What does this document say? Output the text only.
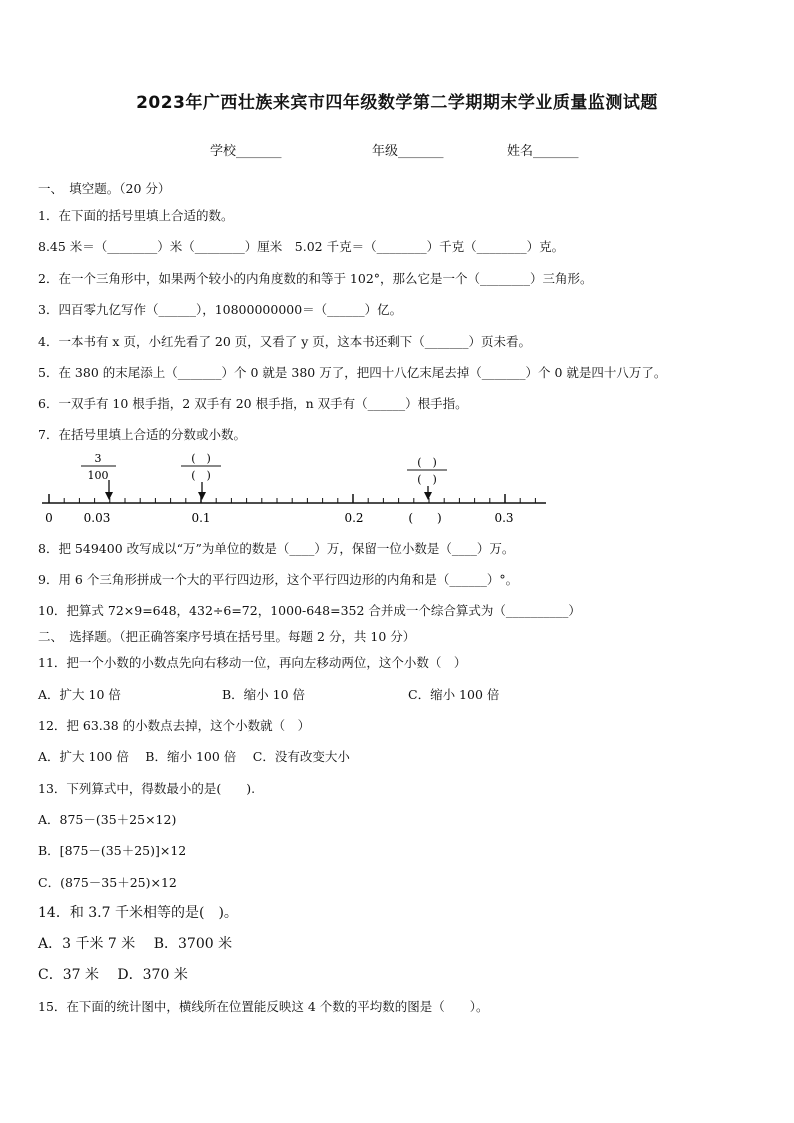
2023年广西壮族来宾市四年级数学第二学期期末学业质量监测试题
学校_______	年级_______	姓名_______
一、　填空题。（20 分）
1．在下面的括号里填上合适的数。
8.45 米＝（________）米（________）厘米　5.02 千克＝（________）千克（________）克。
2．在一个三角形中，如果两个较小的内角度数的和等于 102°，那么它是一个（________）三角形。
3．四百零九亿写作（______），10800000000＝（______）亿。
4．一本书有 x 页，小红先看了 20 页，又看了 y 页，这本书还剩下（_______）页未看。
5．在 380 的末尾添上（_______）个 0 就是 380 万了，把四十八亿末尾去掉（_______）个 0 就是四十八万了。
6．一双手有 10 根手指，2 双手有 20 根手指，n 双手有（______）根手指。
7．在括号里填上合适的分数或小数。
3
100
(　)
(　)
(　)
(　)
0	0.03	0.1	0.2	(　　)	0.3
8．把 549400 改写成以“万”为单位的数是（____）万，保留一位小数是（____）万。
9．用 6 个三角形拼成一个大的平行四边形，这个平行四边形的内角和是（______）°。
10．把算式 72×9=648，432÷6=72，1000-648=352 合并成一个综合算式为（__________）
二、　选择题。（把正确答案序号填在括号里。每题 2 分，共 10 分）
11．把一个小数的小数点先向右移动一位，再向左移动两位，这个小数（　）
A．扩大 10 倍	B．缩小 10 倍	C．缩小 100 倍
12．把 63.38 的小数点去掉，这个小数就（　）
A．扩大 100 倍　 B．缩小 100 倍　 C．没有改变大小
13．下列算式中，得数最小的是(　　).
A．875－(35＋25×12)
B．[875－(35＋25)]×12
C．(875－35＋25)×12
14．和 3.7 千米相等的是(　)。
A．3 千米 7 米　 B．3700 米
C．37 米　 D．370 米
15．在下面的统计图中，横线所在位置能反映这 4 个数的平均数的图是（　　）。
